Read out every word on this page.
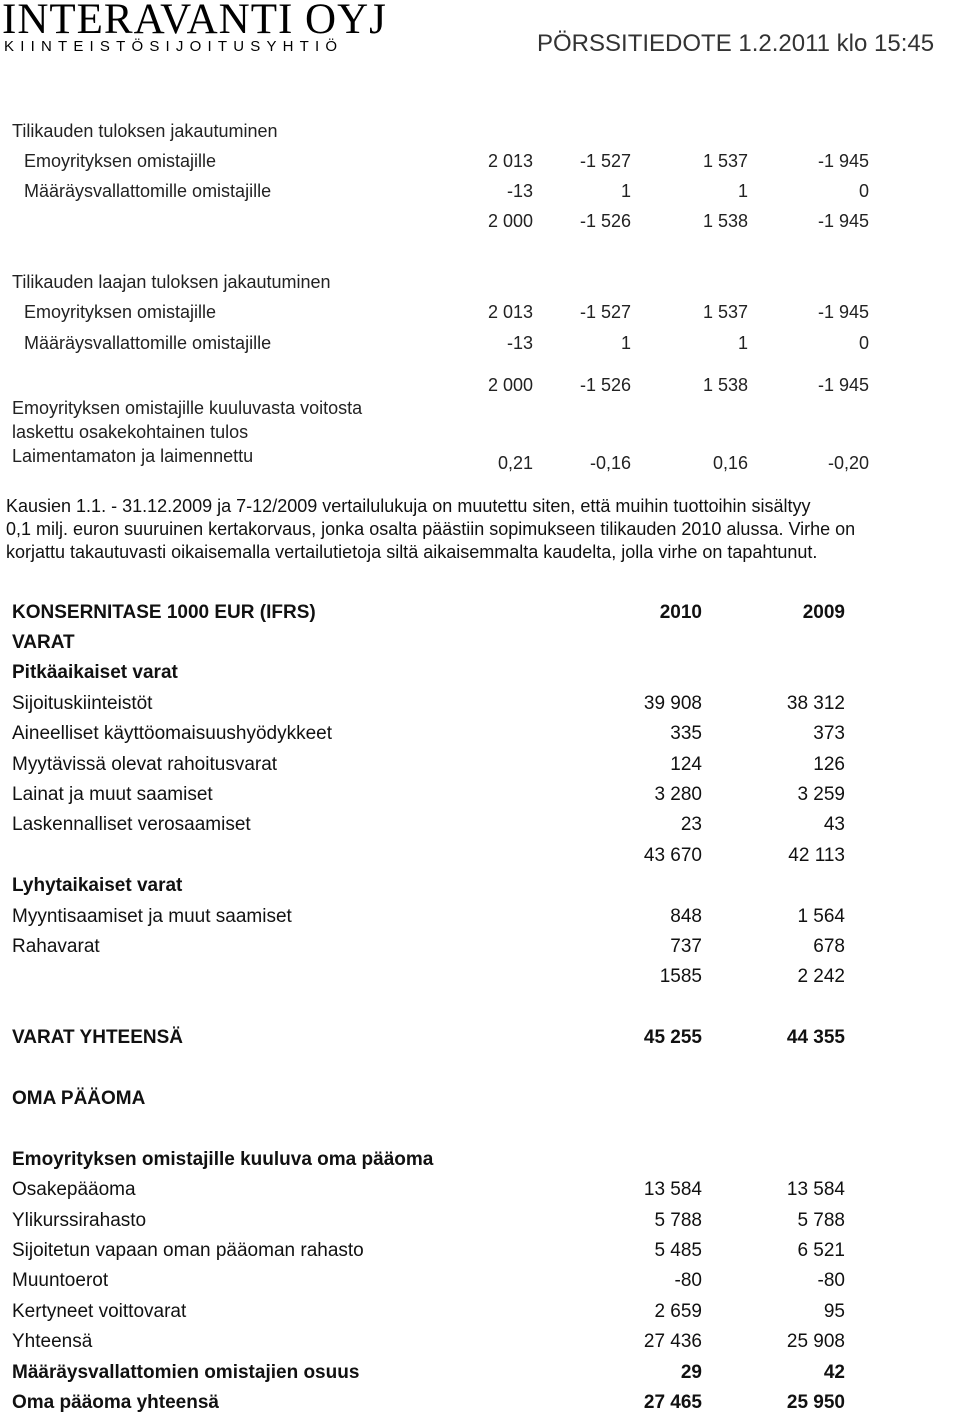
INTERAVANTI OYJ
KIINTEISTÖSIJOITUSYHTIÖ	PÖRSSITIEDOTE 1.2.2011 klo 15:45
Tilikauden tuloksen jakautuminen
Emoyrityksen omistajille	2 013	-1 527	1 537	-1 945
Määräysvallattomille omistajille	-13	1	1	0
2 000	-1 526	1 538	-1 945
Tilikauden laajan tuloksen jakautuminen
Emoyrityksen omistajille	2 013	-1 527	1 537	-1 945
Määräysvallattomille omistajille	-13	1	1	0
2 000	-1 526	1 538	-1 945
Emoyrityksen omistajille kuuluvasta voitosta
laskettu osakekohtainen tulos
Laimentamaton ja laimennettu	0,21	-0,16	0,16	-0,20
Kausien 1.1. - 31.12.2009 ja 7-12/2009 vertailulukuja on muutettu siten, että muihin tuottoihin sisältyy
0,1 milj. euron suuruinen kertakorvaus, jonka osalta päästiin sopimukseen tilikauden 2010 alussa. Virhe on
korjattu takautuvasti oikaisemalla vertailutietoja siltä aikaisemmalta kaudelta, jolla virhe on tapahtunut.
KONSERNITASE 1000 EUR (IFRS)	2010	2009
VARAT
Pitkäaikaiset varat
Sijoituskiinteistöt	39 908	38 312
Aineelliset käyttöomaisuushyödykkeet	335	373
Myytävissä olevat rahoitusvarat	124	126
Lainat ja muut saamiset	3 280	3 259
Laskennalliset verosaamiset	23	43
43 670	42 113
Lyhytaikaiset varat
Myyntisaamiset ja muut saamiset	848	1 564
Rahavarat	737	678
1585	2 242
VARAT YHTEENSÄ	45 255	44 355
OMA PÄÄOMA
Emoyrityksen omistajille kuuluva oma pääoma
Osakepääoma	13 584	13 584
Ylikurssirahasto	5 788	5 788
Sijoitetun vapaan oman pääoman rahasto	5 485	6 521
Muuntoerot	-80	-80
Kertyneet voittovarat	2 659	95
Yhteensä	27 436	25 908
Määräysvallattomien omistajien osuus	29	42
Oma pääoma yhteensä	27 465	25 950
